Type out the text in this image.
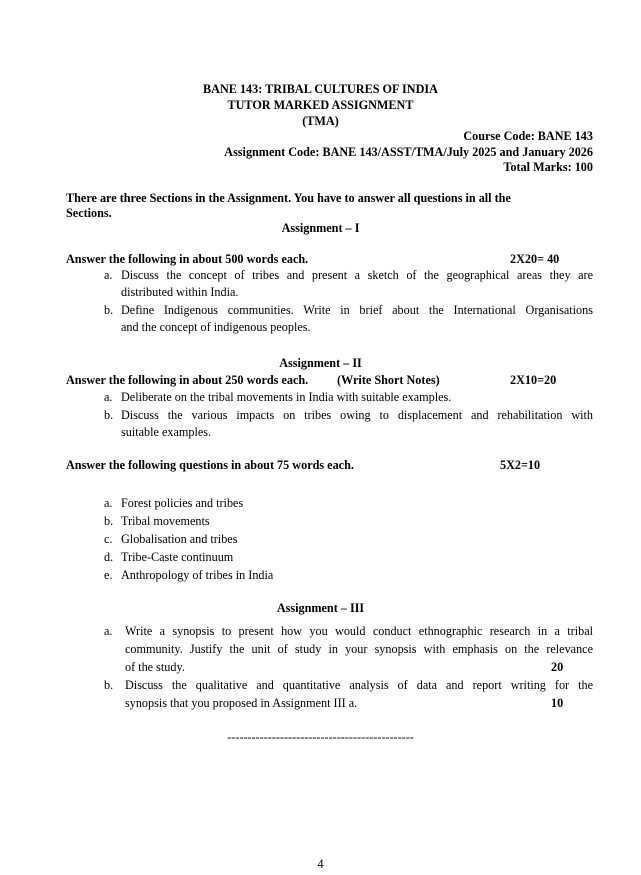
BANE 143: TRIBAL CULTURES OF INDIA
TUTOR MARKED ASSIGNMENT
(TMA)
Course Code: BANE 143
Assignment Code: BANE 143/ASST/TMA/July 2025 and January 2026
Total Marks: 100
There are three Sections in the Assignment. You have to answer all questions in all the
Sections.
Assignment – I
Answer the following in about 500 words each.	2X20= 40
a. Discuss the concept of tribes and present a sketch of the geographical areas they are
distributed within India.
b. Define Indigenous communities. Write in brief about the International Organisations
and the concept of indigenous peoples.
Assignment – II
Answer the following in about 250 words each. (Write Short Notes)	2X10=20
a. Deliberate on the tribal movements in India with suitable examples.
b. Discuss the various impacts on tribes owing to displacement and rehabilitation with
suitable examples.
Answer the following questions in about 75 words each.	5X2=10
a. Forest policies and tribes
b. Tribal movements
c. Globalisation and tribes
d. Tribe-Caste continuum
e. Anthropology of tribes in India
Assignment – III
a. Write a synopsis to present how you would conduct ethnographic research in a tribal
community. Justify the unit of study in your synopsis with emphasis on the relevance
of the study.	20
b. Discuss the qualitative and quantitative analysis of data and report writing for the
synopsis that you proposed in Assignment III a.	10
----------------------------------------------
4
